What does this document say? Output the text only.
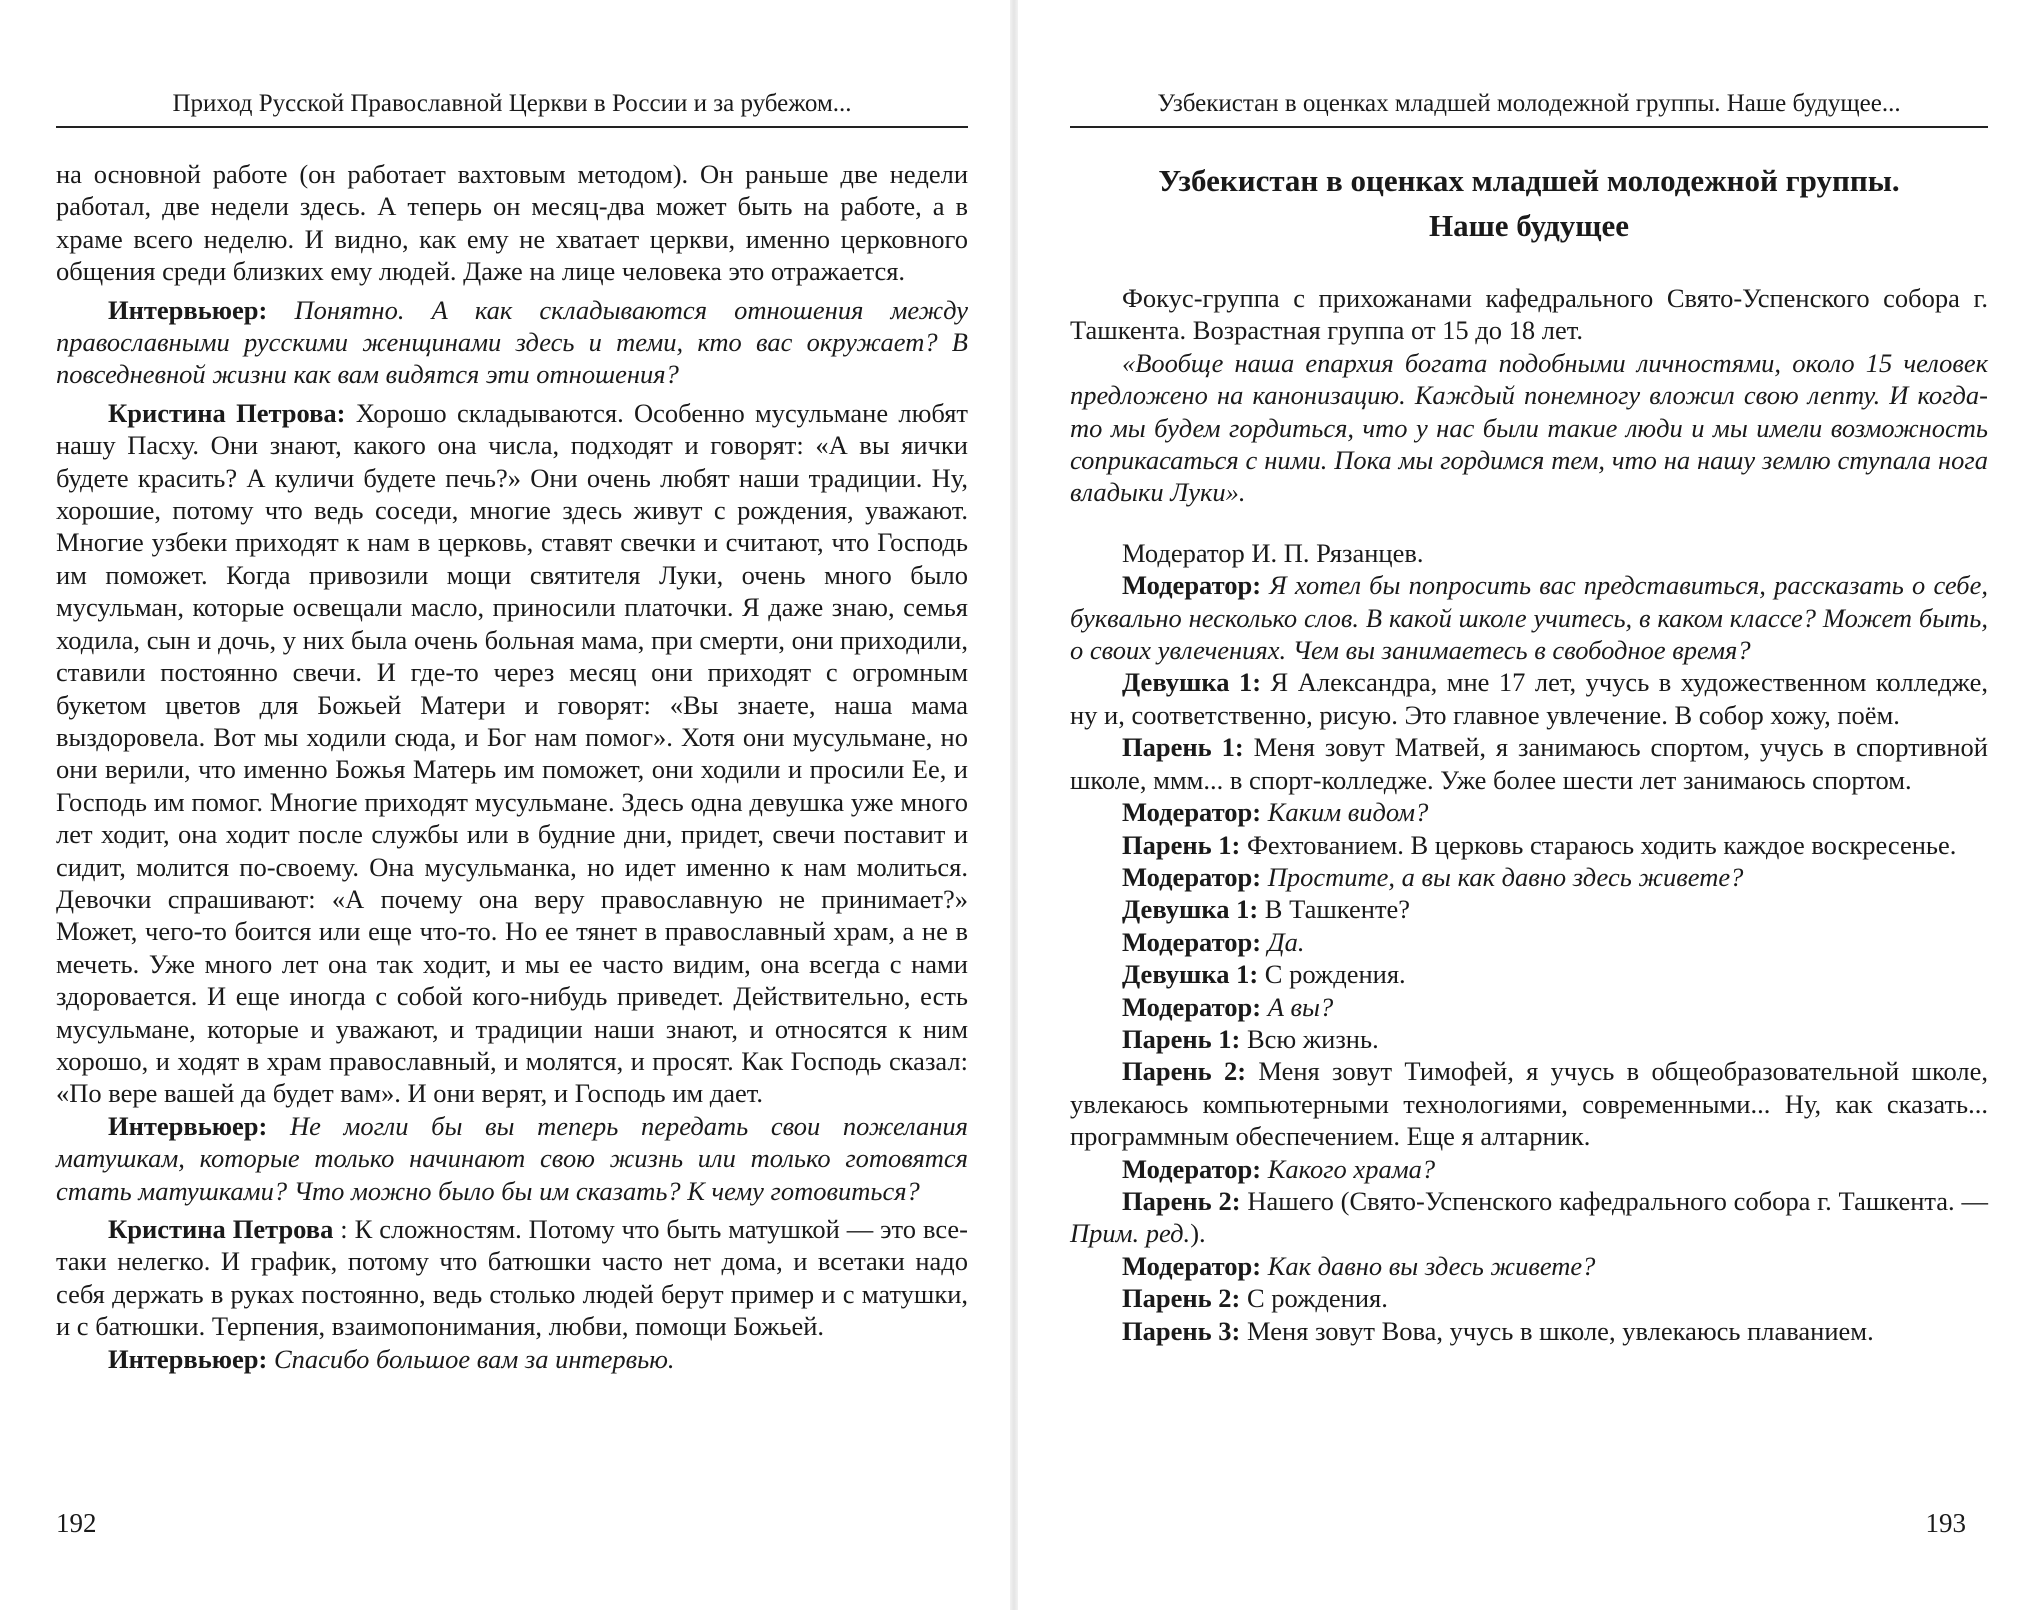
Приход Русской Православной Церкви в России и за рубежом...

на основной работе (он работает вахтовым методом). Он раньше две недели работал, две недели здесь. А теперь он месяц-два может быть на работе, а в храме всего неделю. И видно, как ему не хватает церкви, именно церковного общения среди близких ему людей. Даже на лице человека это отражается.

Интервьюер: Понятно. А как складываются отношения между православными русскими женщинами здесь и теми, кто вас окружает? В повседневной жизни как вам видятся эти отношения?

Кристина Петрова: Хорошо складываются. Особенно мусульмане любят нашу Пасху. Они знают, какого она числа, подходят и говорят: «А вы яички будете красить? А куличи будете печь?» Они очень любят наши традиции. Ну, хорошие, потому что ведь соседи, многие здесь живут с рождения, уважают. Многие узбеки приходят к нам в церковь, ставят свечки и считают, что Господь им поможет. Когда привозили мощи святителя Луки, очень много было мусульман, которые освещали масло, приносили платочки. Я даже знаю, семья ходила, сын и дочь, у них была очень больная мама, при смерти, они приходили, ставили постоянно свечи. И где-то через месяц они приходят с огромным букетом цветов для Божьей Матери и говорят: «Вы знаете, наша мама выздоровела. Вот мы ходили сюда, и Бог нам помог». Хотя они мусульмане, но они верили, что именно Божья Матерь им поможет, они ходили и просили Ее, и Господь им помог. Многие приходят мусульмане. Здесь одна девушка уже много лет ходит, она ходит после службы или в будние дни, придет, свечи поставит и сидит, молится по-своему. Она мусульманка, но идет именно к нам молиться. Девочки спрашивают: «А почему она веру православную не принимает?» Может, чего-то боится или еще что-то. Но ее тянет в православный храм, а не в мечеть. Уже много лет она так ходит, и мы ее часто видим, она всегда с нами здоровается. И еще иногда с собой кого-нибудь приведет. Действительно, есть мусульмане, которые и уважают, и традиции наши знают, и относятся к ним хорошо, и ходят в храм православный, и молятся, и просят. Как Господь сказал: «По вере вашей да будет вам». И они верят, и Господь им дает.

Интервьюер: Не могли бы вы теперь передать свои пожелания матушкам, которые только начинают свою жизнь или только готовятся стать матушками? Что можно было бы им сказать? К чему готовиться?

Кристина Петрова : К сложностям. Потому что быть матушкой — это все-таки нелегко. И график, потому что батюшки часто нет дома, и всетаки надо себя держать в руках постоянно, ведь столько людей берут пример и с матушки, и с батюшки. Терпения, взаимопонимания, любви, помощи Божьей.

Интервьюер: Спасибо большое вам за интервью.

192
Узбекистан в оценках младшей молодежной группы. Наше будущее...
Узбекистан в оценках младшей молодежной группы.
Наше будущее

Фокус-группа с прихожанами кафедрального Свято-Успенского собора г. Ташкента. Возрастная группа от 15 до 18 лет.

«Вообще наша епархия богата подобными личностями, около 15 человек предложено на канонизацию. Каждый понемногу вложил свою лепту. И когда-то мы будем гордиться, что у нас были такие люди и мы имели возможность соприкасаться с ними. Пока мы гордимся тем, что на нашу землю ступала нога владыки Луки».

Модератор И. П. Рязанцев.

Модератор: Я хотел бы попросить вас представиться, рассказать о себе, буквально несколько слов. В какой школе учитесь, в каком классе? Может быть, о своих увлечениях. Чем вы занимаетесь в свободное время?

Девушка 1: Я Александра, мне 17 лет, учусь в художественном колледже, ну и, соответственно, рисую. Это главное увлечение. В собор хожу, поём.

Парень 1: Меня зовут Матвей, я занимаюсь спортом, учусь в спортивной школе, ммм... в спорт-колледже. Уже более шести лет занимаюсь спортом.

Модератор: Каким видом?

Парень 1: Фехтованием. В церковь стараюсь ходить каждое воскресенье.

Модератор: Простите, а вы как давно здесь живете?

Девушка 1: В Ташкенте?

Модератор: Да.

Девушка 1: С рождения.

Модератор: А вы?

Парень 1: Всю жизнь.

Парень 2: Меня зовут Тимофей, я учусь в общеобразовательной школе, увлекаюсь компьютерными технологиями, современными... Ну, как сказать... программным обеспечением. Еще я алтарник.

Модератор: Какого храма?

Парень 2: Нашего (Свято-Успенского кафедрального собора г. Ташкента. — Прим. ред.).

Модератор: Как давно вы здесь живете?

Парень 2: С рождения.

Парень 3: Меня зовут Вова, учусь в школе, увлекаюсь плаванием.

193
